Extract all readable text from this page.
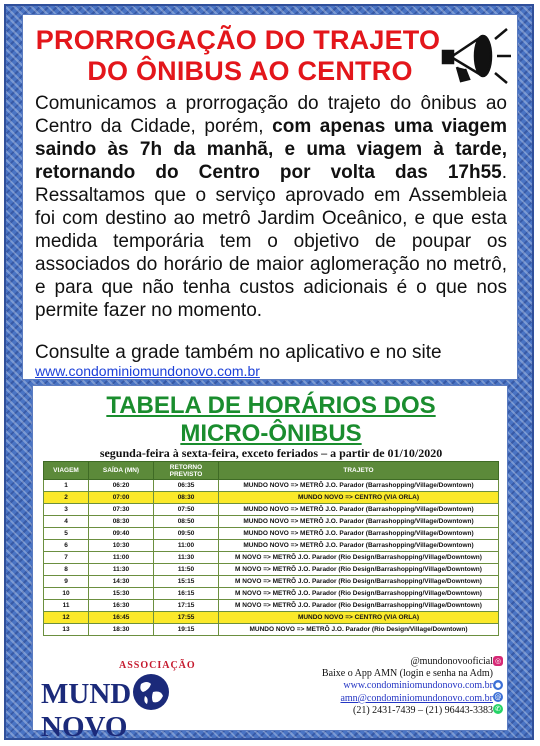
PRORROGAÇÃO DO TRAJETO
DO ÔNIBUS AO CENTRO

Comunicamos a prorrogação do trajeto do ônibus ao Centro da Cidade, porém, com apenas uma viagem saindo às 7h da manhã, e uma viagem à tarde, retornando do Centro por volta das 17h55. Ressaltamos que o serviço aprovado em Assembleia foi com destino ao metrô Jardim Oceânico, e que esta medida temporária tem o objetivo de poupar os associados do horário de maior aglomeração no metrô, e para que não tenha custos adicionais é o que nos permite fazer no momento.

Consulte a grade também no aplicativo e no site

www.condominiomundonovo.com.br
TABELA DE HORÁRIOS DOS
MICRO-ÔNIBUS
segunda-feira à sexta-feira, exceto feriados – a partir de 01/10/2020
VIAGEM	SAÍDA (MN)	RETORNO PREVISTO	TRAJETO
1	06:20	06:35	MUNDO NOVO => METRÔ J.O. Parador (Barrashopping/Village/Downtown)
2	07:00	08:30	MUNDO NOVO => CENTRO (VIA ORLA)
3	07:30	07:50	MUNDO NOVO => METRÔ J.O. Parador (Barrashopping/Village/Downtown)
4	08:30	08:50	MUNDO NOVO => METRÔ J.O. Parador (Barrashopping/Village/Downtown)
5	09:40	09:50	MUNDO NOVO => METRÔ J.O. Parador (Barrashopping/Village/Downtown)
6	10:30	11:00	MUNDO NOVO => METRÔ J.O. Parador (Barrashopping/Village/Downtown)
7	11:00	11:30	M NOVO => METRÔ J.O. Parador (Rio Design/Barrashopping/Village/Downtown)
8	11:30	11:50	M NOVO => METRÔ J.O. Parador (Rio Design/Barrashopping/Village/Downtown)
9	14:30	15:15	M NOVO => METRÔ J.O. Parador (Rio Design/Barrashopping/Village/Downtown)
10	15:30	16:15	M NOVO => METRÔ J.O. Parador (Rio Design/Barrashopping/Village/Downtown)
11	16:30	17:15	M NOVO => METRÔ J.O. Parador (Rio Design/Barrashopping/Village/Downtown)
12	16:45	17:55	MUNDO NOVO => CENTRO (VIA ORLA)
13	18:30	19:15	MUNDO NOVO => METRÔ J.O. Parador (Rio Design/Village/Downtown)
ASSOCIAÇÃO
MUNDNOVO
@mundonovooficial
Baixe o App AMN (login e senha na Adm)
www.condominiomundonovo.com.br
amn@condominiomundonovo.com.br
(21) 2431-7439 – (21) 96443-3383
◎
●
@
✆
